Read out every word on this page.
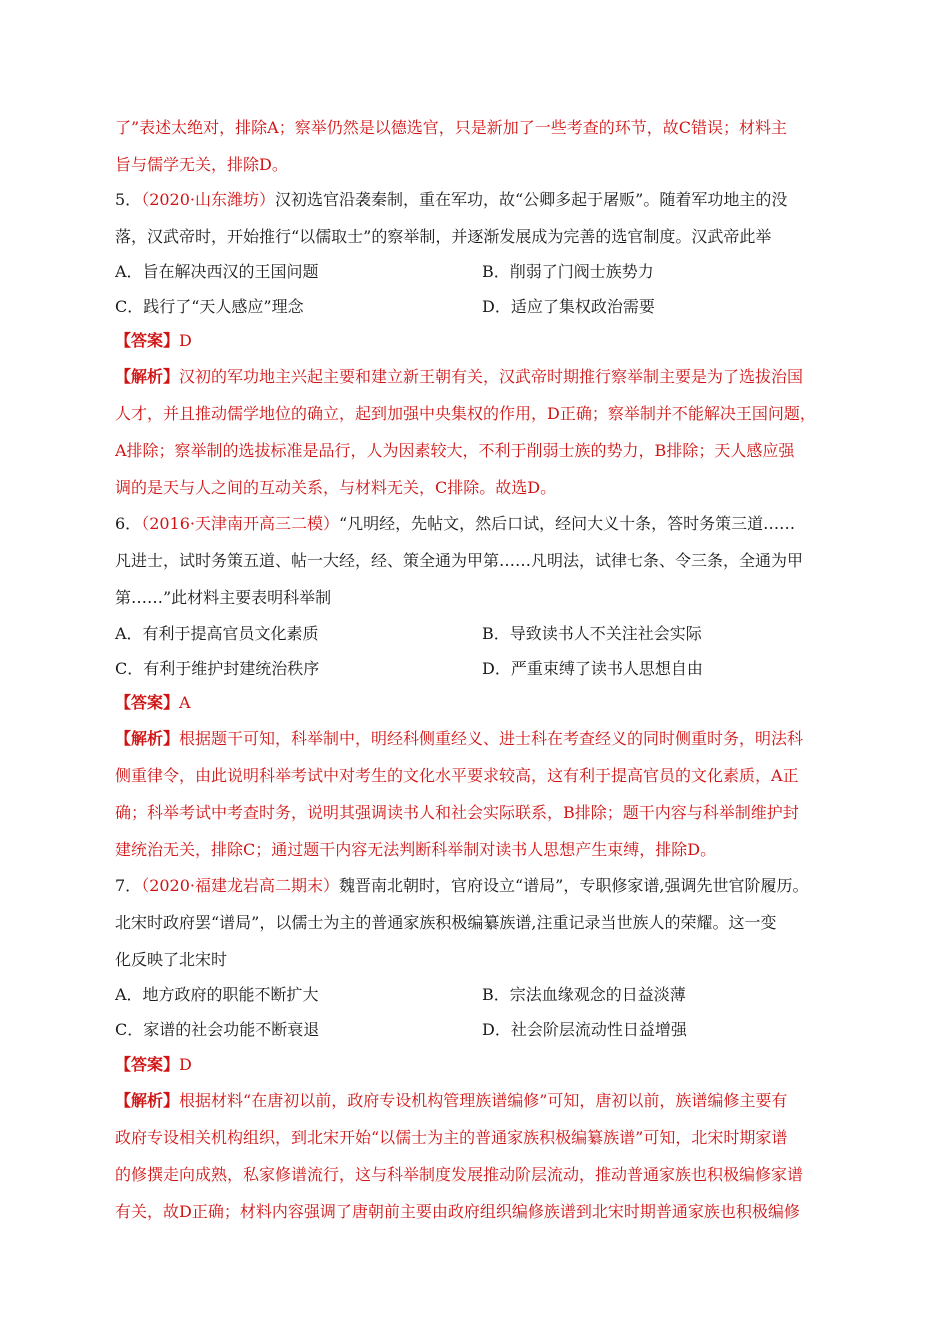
了”表述太绝对，排除A；察举仍然是以德选官，只是新加了一些考查的环节，故C错误；材料主
旨与儒学无关，排除D。
5．（2020·山东潍坊）汉初选官沿袭秦制，重在军功，故“公卿多起于屠贩”。随着军功地主的没
落，汉武帝时，开始推行“以儒取士”的察举制，并逐渐发展成为完善的选官制度。汉武帝此举
A．旨在解决西汉的王国问题	B．削弱了门阀士族势力
C．践行了“天人感应”理念	D．适应了集权政治需要
【答案】D
【解析】汉初的军功地主兴起主要和建立新王朝有关，汉武帝时期推行察举制主要是为了选拔治国
人才，并且推动儒学地位的确立，起到加强中央集权的作用，D正确；察举制并不能解决王国问题，
A排除；察举制的选拔标准是品行，人为因素较大，不利于削弱士族的势力，B排除；天人感应强
调的是天与人之间的互动关系，与材料无关，C排除。故选D。
6．（2016·天津南开高三二模）“凡明经，先帖文，然后口试，经问大义十条，答时务策三道……
凡进士，试时务策五道、帖一大经，经、策全通为甲第……凡明法，试律七条、令三条，全通为甲
第……”此材料主要表明科举制
A．有利于提高官员文化素质	B．导致读书人不关注社会实际
C．有利于维护封建统治秩序	D．严重束缚了读书人思想自由
【答案】A
【解析】根据题干可知，科举制中，明经科侧重经义、进士科在考查经义的同时侧重时务，明法科
侧重律令，由此说明科举考试中对考生的文化水平要求较高，这有利于提高官员的文化素质，A正
确；科举考试中考查时务，说明其强调读书人和社会实际联系，B排除；题干内容与科举制维护封
建统治无关，排除C；通过题干内容无法判断科举制对读书人思想产生束缚，排除D。
7．（2020·福建龙岩高二期末）魏晋南北朝时，官府设立“谱局”，专职修家谱,强调先世官阶履历。
北宋时政府罢“谱局”，以儒士为主的普通家族积极编纂族谱,注重记录当世族人的荣耀。这一变
化反映了北宋时
A．地方政府的职能不断扩大	B．宗法血缘观念的日益淡薄
C．家谱的社会功能不断衰退	D．社会阶层流动性日益增强
【答案】D
【解析】根据材料“在唐初以前，政府专设机构管理族谱编修”可知，唐初以前，族谱编修主要有
政府专设相关机构组织，到北宋开始“以儒士为主的普通家族积极编纂族谱”可知，北宋时期家谱
的修撰走向成熟，私家修谱流行，这与科举制度发展推动阶层流动，推动普通家族也积极编修家谱
有关，故D正确；材料内容强调了唐朝前主要由政府组织编修族谱到北宋时期普通家族也积极编修
